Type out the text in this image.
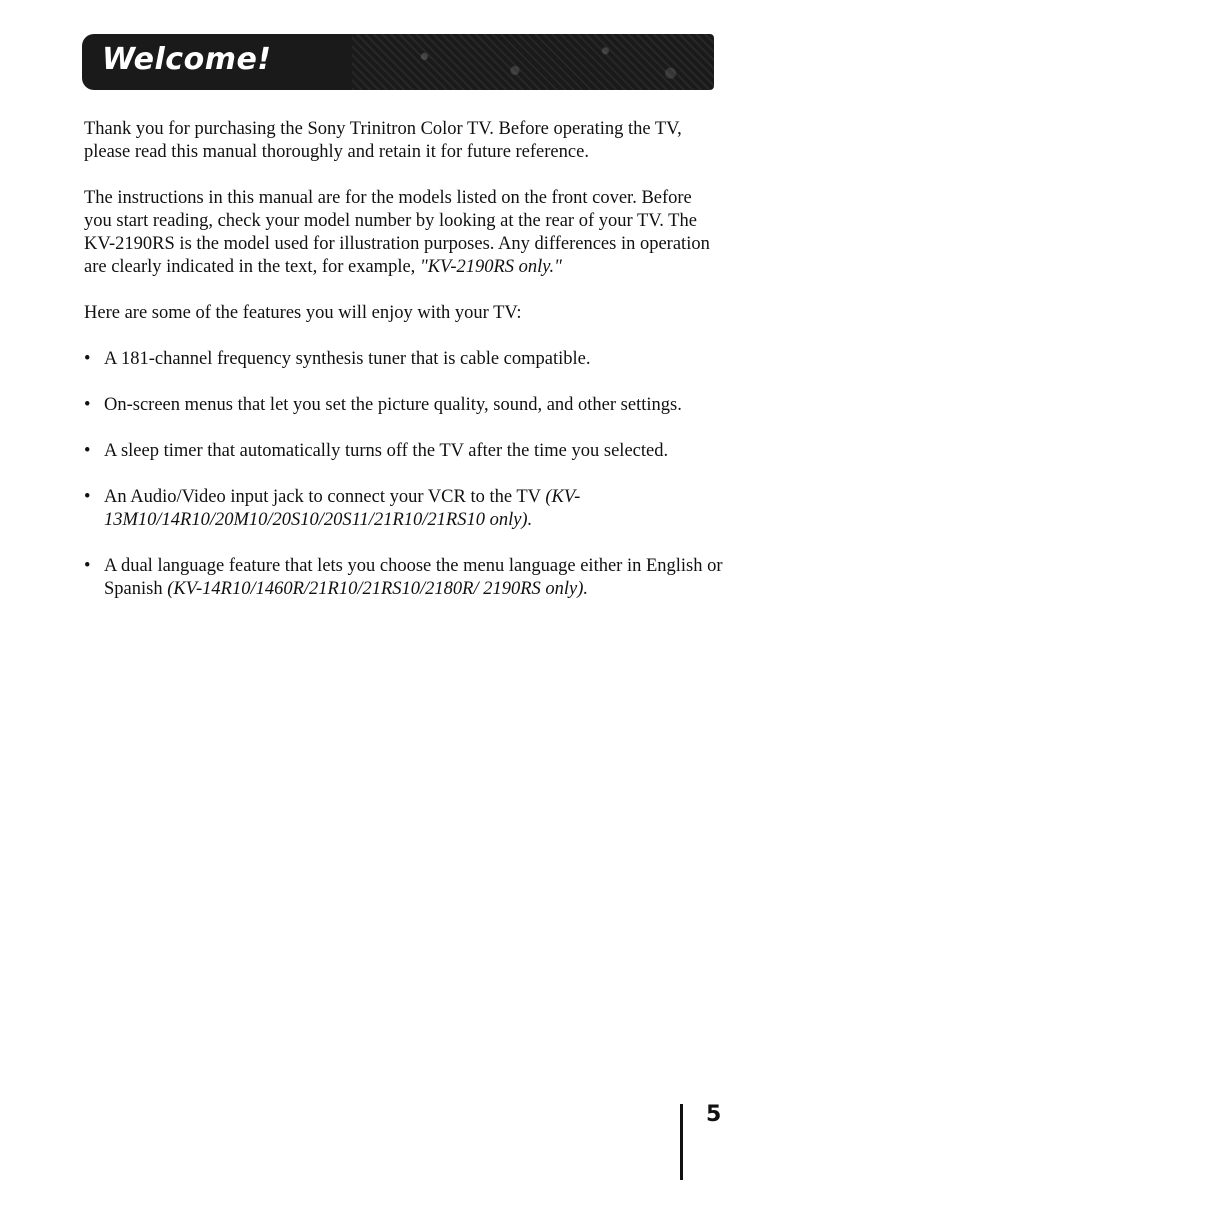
Welcome!

Thank you for purchasing the Sony Trinitron Color TV. Before operating the TV, please read this manual thoroughly and retain it for future reference.

The instructions in this manual are for the models listed on the front cover. Before you start reading, check your model number by looking at the rear of your TV. The KV-2190RS is the model used for illustration purposes. Any differences in operation are clearly indicated in the text, for example, "KV-2190RS only."

Here are some of the features you will enjoy with your TV:

• A 181-channel frequency synthesis tuner that is cable compatible.
• On-screen menus that let you set the picture quality, sound, and other settings.
• A sleep timer that automatically turns off the TV after the time you selected.
• An Audio/Video input jack to connect your VCR to the TV (KV-13M10/14R10/20M10/20S10/20S11/21R10/21RS10 only).
• A dual language feature that lets you choose the menu language either in English or Spanish (KV-14R10/1460R/21R10/21RS10/2180R/ 2190RS only).
5
